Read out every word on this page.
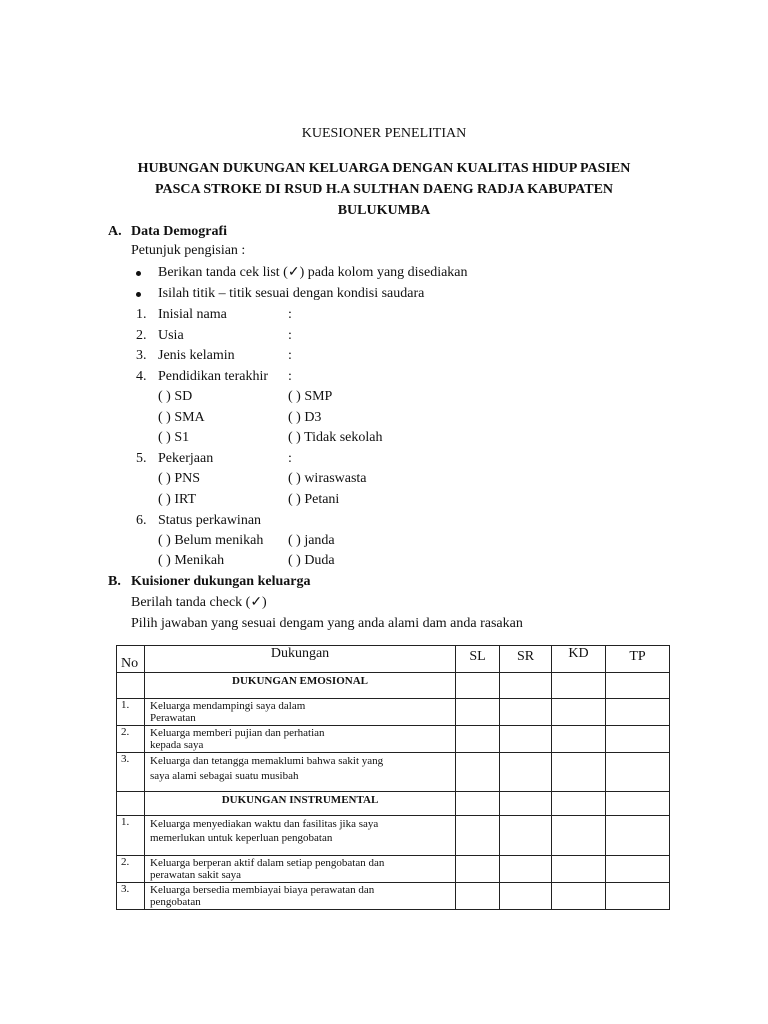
KUESIONER PENELITIAN
HUBUNGAN DUKUNGAN KELUARGA DENGAN KUALITAS HIDUP PASIEN
PASCA STROKE DI RSUD H.A SULTHAN DAENG RADJA KABUPATEN
BULUKUMBA
A. Data Demografi
Petunjuk pengisian :
Berikan tanda cek list (✓) pada kolom yang disediakan
Isilah titik – titik sesuai dengan kondisi saudara
1. Inisial nama	:
2. Usia	:
3. Jenis kelamin	:
4. Pendidikan terakhir :
( ) SD	( ) SMP
( ) SMA	( ) D3
( ) S1	( ) Tidak sekolah
5. Pekerjaan	:
( ) PNS	( ) wiraswasta
( ) IRT	( ) Petani
6. Status perkawinan
( ) Belum menikah ( ) janda
( ) Menikah	( ) Duda
B. Kuisioner dukungan keluarga
Berilah tanda check (✓)
Pilih jawaban yang sesuai dengam yang anda alami dam anda rasakan
No	Dukungan	SL	SR	KD	TP
	DUKUNGAN EMOSIONAL				
1.	Keluarga mendampingi saya dalam
Perawatan				

2.	Keluarga memberi pujian dan perhatian
kepada saya				

3.	Keluarga dan tetangga memaklumi bahwa sakit yang
saya alami sebagai suatu musibah				

	DUKUNGAN INSTRUMENTAL				
1.	Keluarga menyediakan waktu dan fasilitas jika saya
memerlukan untuk keperluan pengobatan				

2.	Keluarga berperan aktif dalam setiap pengobatan dan
perawatan sakit saya				

3.	Keluarga bersedia membiayai biaya perawatan dan
pengobatan				
